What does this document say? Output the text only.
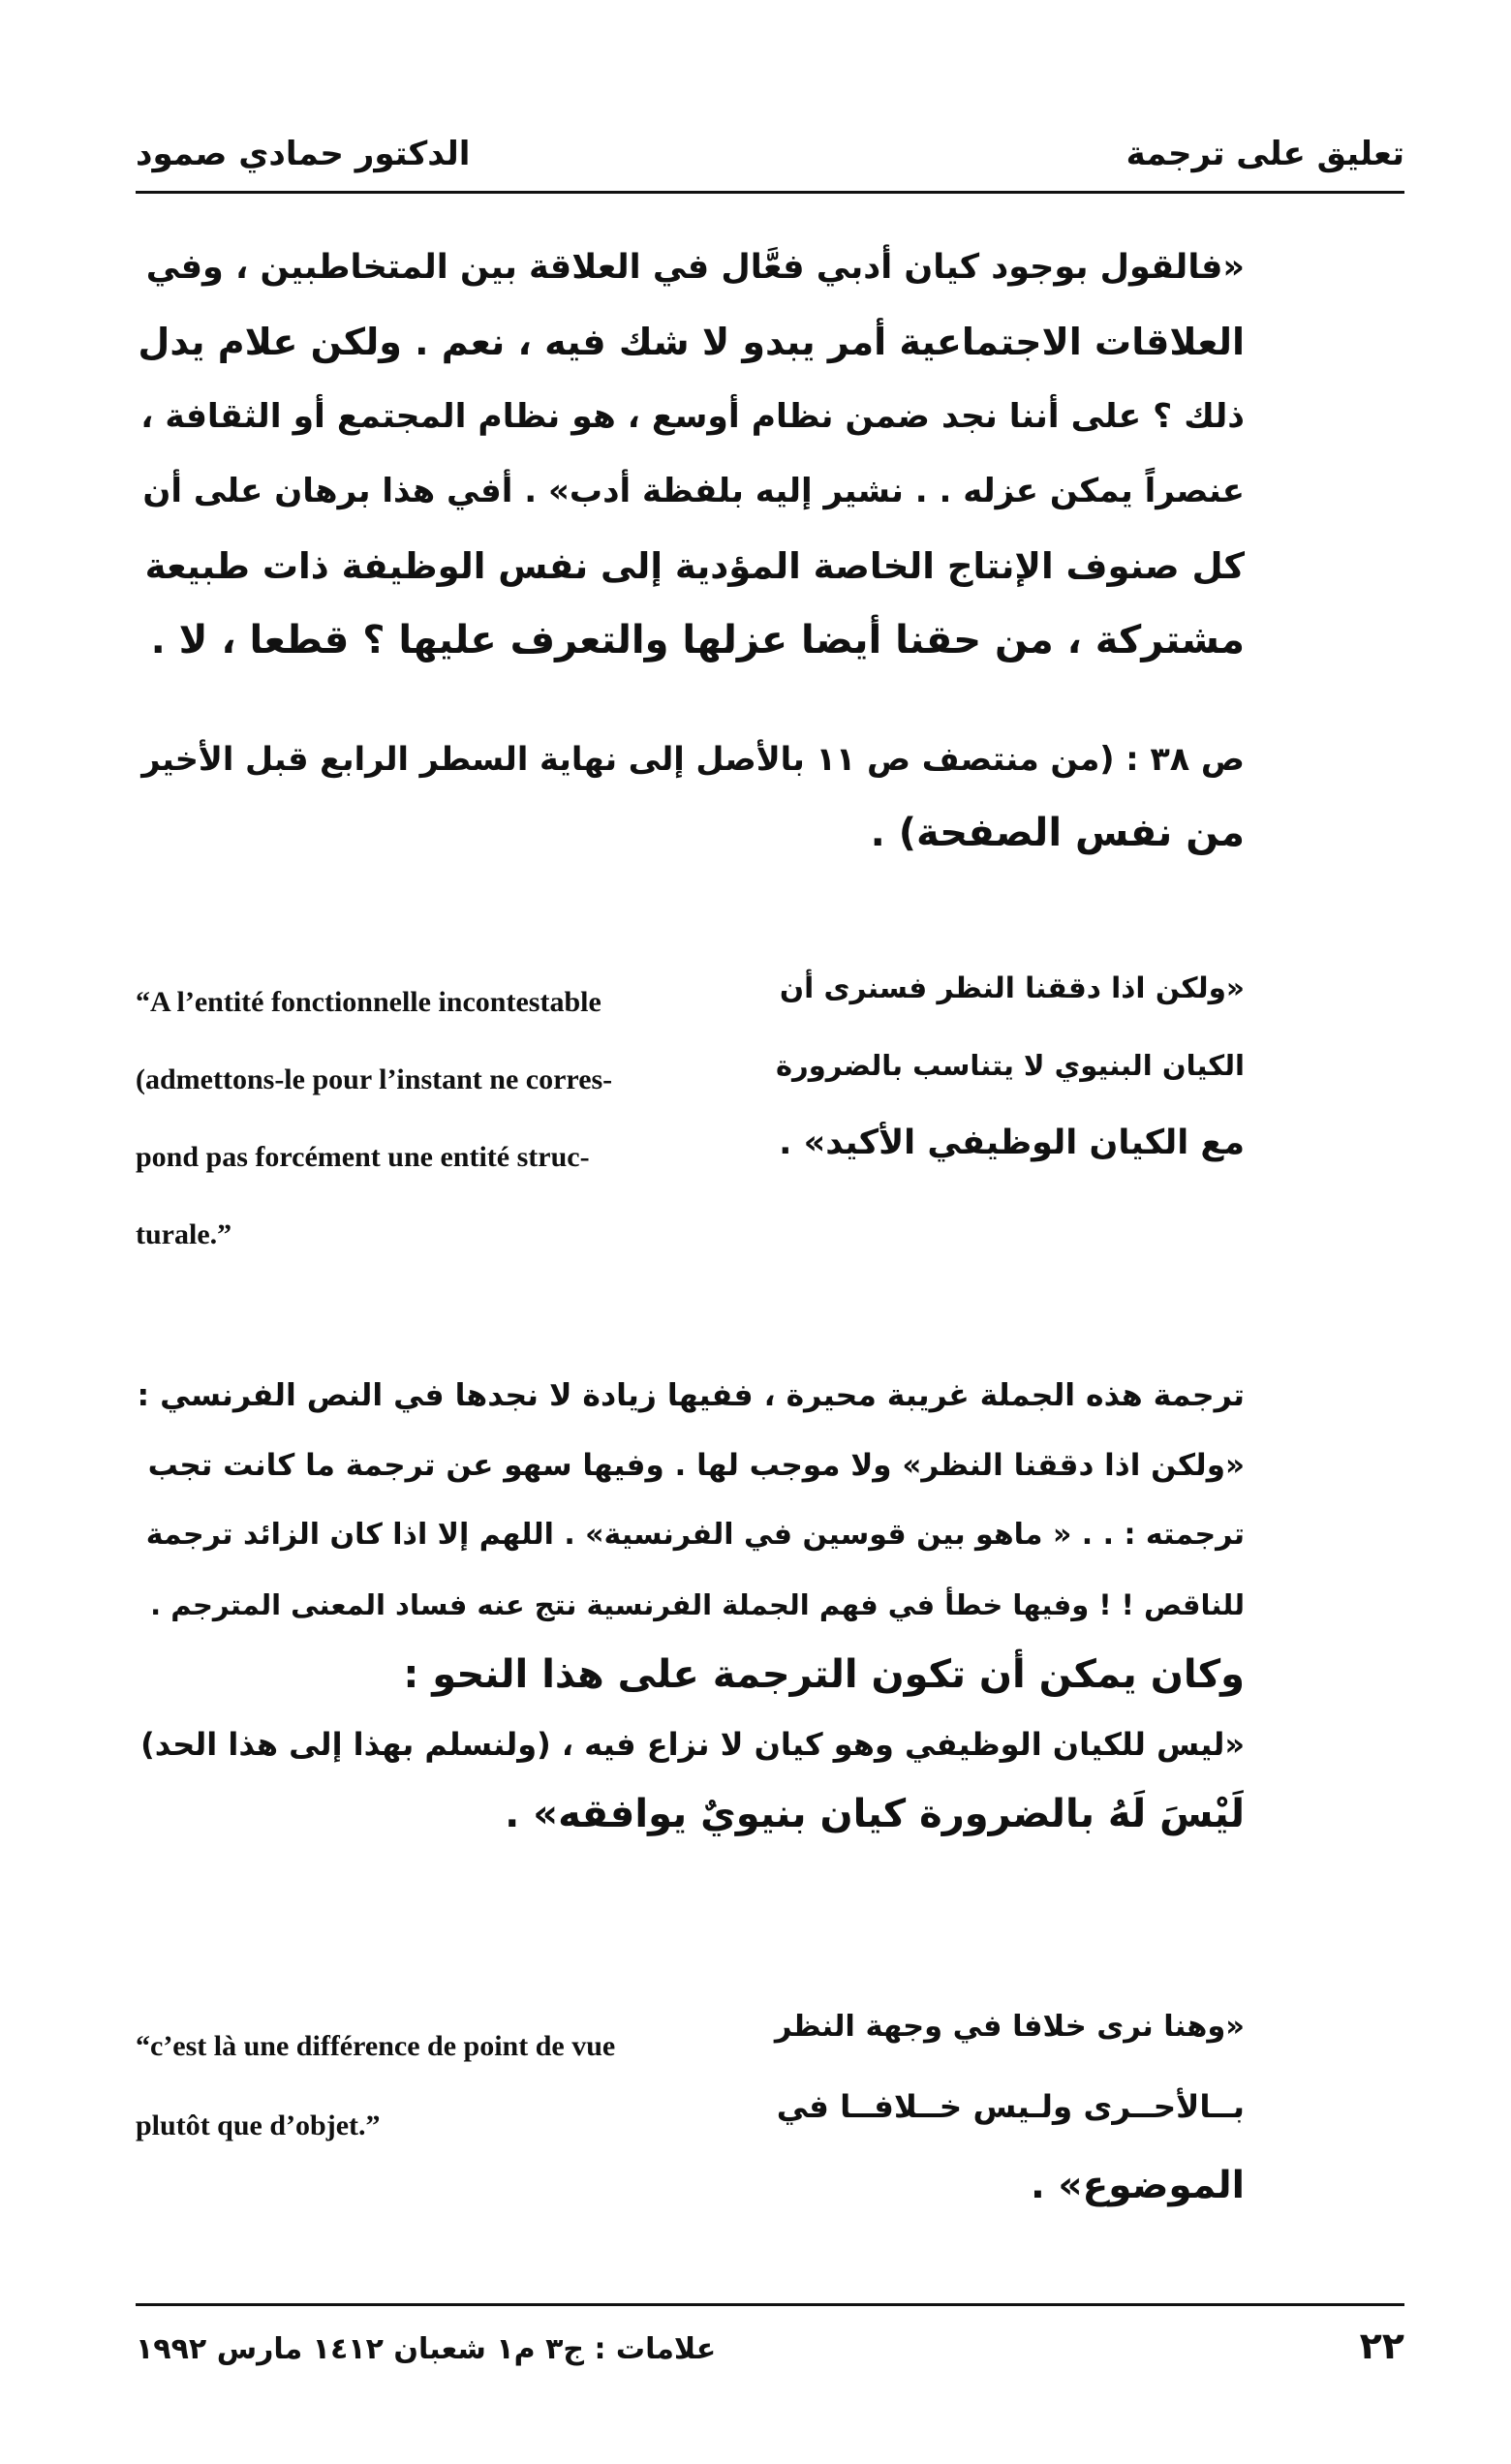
تعليق على ترجمة
الدكتور حمادي صمود
«فالقول بوجود كيان أدبي فعَّال في العلاقة بين المتخاطبين ، وفي
العلاقات الاجتماعية أمر يبدو لا شك فيه ، نعم . ولكن علام يدل
ذلك ؟ على أننا نجد ضمن نظام أوسع ، هو نظام المجتمع أو الثقافة ،
عنصراً يمكن عزله . . نشير إليه بلفظة أدب» . أفي هذا برهان على أن
كل صنوف الإنتاج الخاصة المؤدية إلى نفس الوظيفة ذات طبيعة
مشتركة ، من حقنا أيضا عزلها والتعرف عليها ؟ قطعا ، لا .
ص ٣٨ : (من منتصف ص ١١ بالأصل إلى نهاية السطر الرابع قبل الأخير
من نفس الصفحة) .
«ولكن اذا دققنا النظر فسنرى أن
الكيان البنيوي لا يتناسب بالضرورة
مع الكيان الوظيفي الأكيد» .
“A l’entité fonctionnelle incontestable
(admettons-le pour l’instant ne corres-
pond pas forcément une entité struc-
turale.”
ترجمة هذه الجملة غريبة محيرة ، ففيها زيادة لا نجدها في النص الفرنسي :
«ولكن اذا دققنا النظر» ولا موجب لها . وفيها سهو عن ترجمة ما كانت تجب
ترجمته : . . « ماهو بين قوسين في الفرنسية» . اللهم إلا اذا كان الزائد ترجمة
للناقص ! ! وفيها خطأ في فهم الجملة الفرنسية نتج عنه فساد المعنى المترجم .
وكان يمكن أن تكون الترجمة على هذا النحو :
«ليس للكيان الوظيفي وهو كيان لا نزاع فيه ، (ولنسلم بهذا إلى هذا الحد)
لَيْسَ لَهُ بالضرورة كيان بنيويٌ يوافقه» .
«وهنا نرى خلافا في وجهة النظر
بــالأحــرى ولـيس خــلافــا في
الموضوع» .
“c’est là une différence de point de vue
plutôt que d’objet.”
٢٢
علامات : ج٣ م١ شعبان ١٤١٢ مارس ١٩٩٢
